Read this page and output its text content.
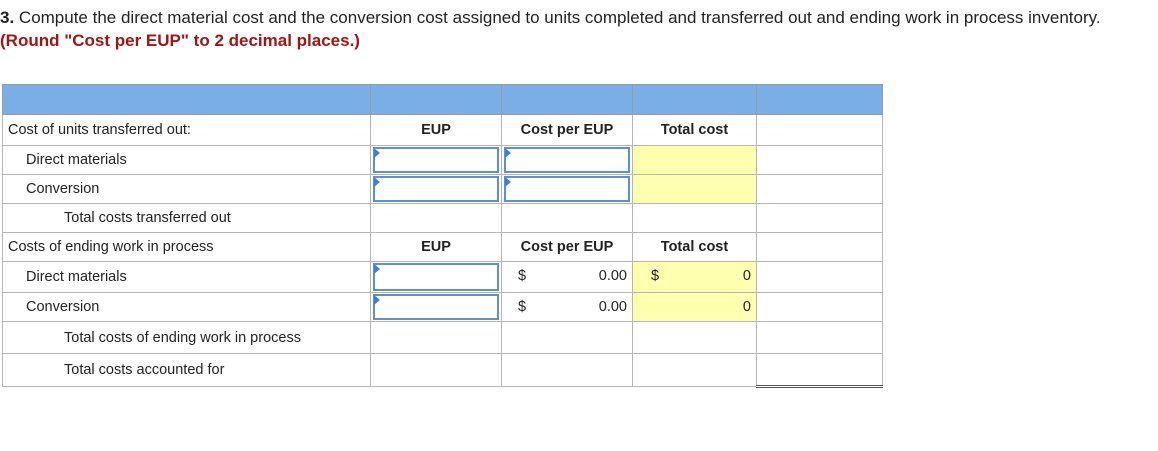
3. Compute the direct material cost and the conversion cost assigned to units completed and transferred out and ending work in process inventory. (Round "Cost per EUP" to 2 decimal places.)

Cost of units transferred out:	EUP	Cost per EUP	Total cost	
Direct materials	

Conversion	

Total costs transferred out				
Costs of ending work in process	EUP	Cost per EUP	Total cost	
Direct materials		$ 0.00	$ 0	

Conversion		$ 0.00	0	

Total costs of ending work in process				
Total costs accounted for				
